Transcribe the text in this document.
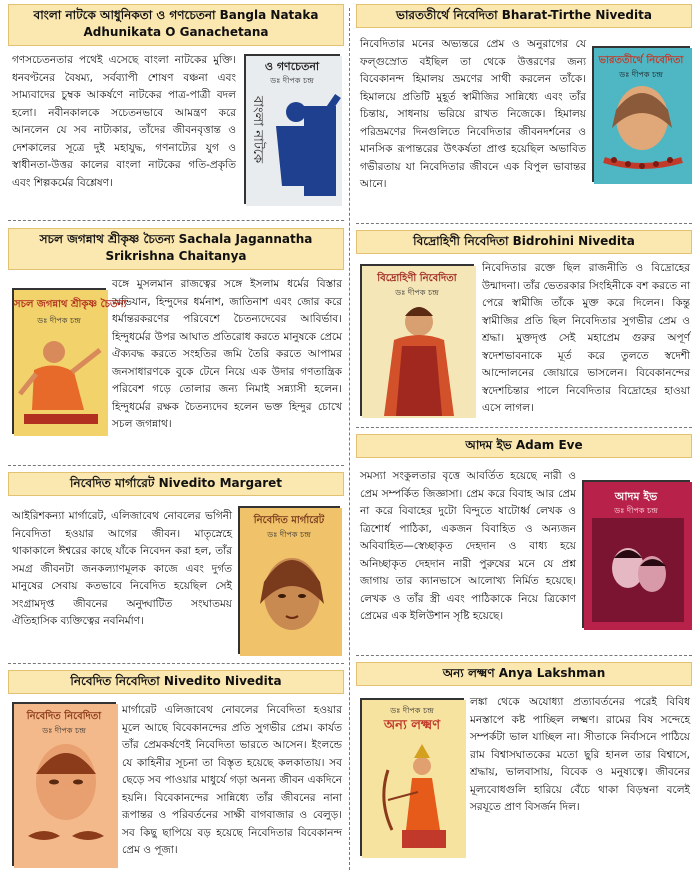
বাংলা নাটকে আধুনিকতা ও গণচেতনা Bangla Nataka Adhunikata O Ganachetana
গণসচেতনতার পথেই এসেছে বাংলা নাটকের মুক্তি। ধনবণ্টনের বৈষম্য, সর্বব্যাপী শোষণ বঞ্চনা এবং সাম্যবাদের চুম্বক আকর্ষণে নাটকের পাত্র-পাত্রী বদল হলো। নবীনকালকে সচেতনভাবে আমন্ত্রণ করে আনলেন যে সব নাট্যকার, তাঁদের জীবনবৃত্তান্ত ও দেশকালের সূত্রে দুই মহাযুদ্ধ, গণনাট্যের যুগ ও স্বাধীনতা-উত্তর কালের বাংলা নাটকের গতি-প্রকৃতি এবং শিল্পকর্মের বিশ্লেষণ।
বাংলা নাটকে
ও গণচেতনা
ডঃ দীপক চন্দ্র
সচল জগন্নাথ শ্রীকৃষ্ণ চৈতন্য Sachala Jagannatha Srikrishna Chaitanya
বঙ্গে মুসলমান রাজত্বের সঙ্গে ইসলাম ধর্মের বিস্তার অভিযান, হিন্দুদের ধর্মনাশ, জাতিনাশ এবং জোর করে ধর্মান্তরকরণের পরিবেশে চৈতন্যদেবের আবির্ভাব। হিন্দুধর্মের উপর আঘাত প্রতিরোধ করতে মানুষকে প্রেমে ঐক্যবদ্ধ করতে সংহতির জমি তৈরি করতে আপামর জনসাধারণকে বুকে টেনে নিয়ে এক উদার গণতান্ত্রিক পরিবেশ গড়ে তোলার জন্য নিমাই সন্ন্যাসী হলেন। হিন্দুধর্মের রক্ষক চৈতন্যদেব হলেন ভক্ত হিন্দুর চোখে সচল জগন্নাথ।
সচল জগন্নাথ শ্রীকৃষ্ণ চৈতন্য
ডঃ দীপক চন্দ্র
নিবেদিত মার্গারেট Nivedito Margaret
আইরিশকন্যা মার্গারেট, এলিজাবেথ নোবলের ভগিনী নিবেদিতা হওয়ার আগের জীবন। মাতৃস্নেহে থাকাকালে ঈশ্বরের কাছে যাঁকে নিবেদন করা হল, তাঁর সমগ্র জীবনটা জনকল্যাণমূলক কাজে এবং দুর্গত মানুষের সেবায় কতভাবে নিবেদিত হয়েছিল সেই সংগ্রামদৃপ্ত জীবনের অনুদ্ঘাটিত সংঘাতময় ঐতিহাসিক ব্যক্তিত্বের নবনির্মাণ।
নিবেদিত মার্গারেট
ডঃ দীপক চন্দ্র
নিবেদিত নিবেদিতা Nivedito Nivedita
মার্গারেট এলিজাবেথ নোবলের নিবেদিতা হওয়ার মূলে আছে বিবেকানন্দের প্রতি সুগভীর প্রেম। কার্যত তাঁর প্রেমকর্ষণেই নিবেদিতা ভারতে আসেন। ইংলন্ডে যে কাহিনীর সূচনা তা বিস্তৃত হয়েছে কলকাতায়। সব ছেড়ে সব পাওয়ার মাধুর্যে গড়া অনন্য জীবন একদিনে হয়নি। বিবেকানন্দের সান্নিধ্যে তাঁর জীবনের নানা রূপান্তর ও পরিবর্তনের সাক্ষী বাগবাজার ও বেলুড়। সব কিছু ছাপিয়ে বড় হয়েছে নিবেদিতার বিবেকানন্দ প্রেম ও পূজা।
নিবেদিত নিবেদিতা
ডঃ দীপক চন্দ্র
ভারততীর্থে নিবেদিতা Bharat-Tirthe Nivedita
নিবেদিতার মনের অভ্যন্তরে প্রেম ও অনুরাগের যে ফল্গুস্রোত বইছিল তা থেকে উত্তরণের জন্য বিবেকানন্দ হিমালয় ভ্রমণের সাথী করলেন তাঁকে। হিমালয়ে প্রতিটি মুহূর্ত স্বামীজির সান্নিধ্যে এবং তাঁর চিন্তায়, সাধনায় ভরিয়ে রাখত নিজেকে। হিমালয় পরিভ্রমণের দিনগুলিতে নিবেদিতার জীবনদর্শনের ও মানসিক রূপান্তরের উৎকর্ষতা প্রাপ্ত হয়েছিল অভাবিত গভীরতায় যা নিবেদিতার জীবনে এক বিপুল ভাবান্তর আনে।
ভারততীর্থে নিবেদিতা
ডঃ দীপক চন্দ্র
বিদ্রোহিণী নিবেদিতা Bidrohini Nivedita
নিবেদিতার রক্তে ছিল রাজনীতি ও বিদ্রোহের উন্মাদনা। তাঁর ভেতরকার সিংহিনীকে বশ করতে না পেরে স্বামীজি তাঁকে মুক্ত করে দিলেন। কিন্তু স্বামীজির প্রতি ছিল নিবেদিতার সুগভীর প্রেম ও শ্রদ্ধা। মুক্তদৃপ্ত সেই মহাপ্রেম গুরুর অপূর্ণ স্বদেশভাবনাকে মূর্ত করে তুলতে স্বদেশী আন্দোলনের জোয়ারে ভাসলেন। বিবেকানন্দের স্বদেশচিন্তার পালে নিবেদিতার বিদ্রোহের হাওয়া এসে লাগল।
বিদ্রোহিণী নিবেদিতা
ডঃ দীপক চন্দ্র
আদম ইভ Adam Eve
সমস্যা সংকুলতার বৃত্তে আবর্তিত হয়েছে নারী ও প্রেম সম্পর্কিত জিজ্ঞাসা। প্রেম করে বিবাহ আর প্রেম না করে বিবাহের দুটো বিন্দুতে ষাটোর্ধ্ব লেখক ও ত্রিশোর্ধ পাঠিকা, একজন বিবাহিত ও অন্যজন অবিবাহিত—স্বেচ্ছাকৃত দেহদান ও বাধ্য হয়ে অনিচ্ছাকৃত দেহদান নারী পুরুষের মনে যে প্রশ্ন জাগায় তার ক্যানভাসে আলোখ্য নির্মিত হয়েছে। লেখক ও তাঁর স্ত্রী এবং পাঠিকাকে নিয়ে ত্রিকোণ প্রেমের এক ইলিউশান সৃষ্টি হয়েছে।
আদম ইভ
ডঃ দীপক চন্দ্র
অন্য লক্ষ্মণ Anya Lakshman
লঙ্কা থেকে অযোধ্যা প্রত্যাবর্তনের পরেই বিবিধ মনস্তাপে কষ্ট পাচ্ছিল লক্ষ্মণ। রামের বিষ সন্দেহে সম্পর্কটা ভাল যাচ্ছিল না। সীতাকে নির্বাসনে পাঠিয়ে রাম বিশ্বাসঘাতকের মতো ছুরি হানল তার বিশ্বাসে, শ্রদ্ধায়, ভালবাসায়, বিবেক ও মনুষ্যত্বে। জীবনের মূল্যবোধগুলি হারিয়ে বেঁচে থাকা বিড়ম্বনা বলেই সরযূতে প্রাণ বিসর্জন দিল।
ডঃ দীপক চন্দ্র
অন্য লক্ষ্মণ
